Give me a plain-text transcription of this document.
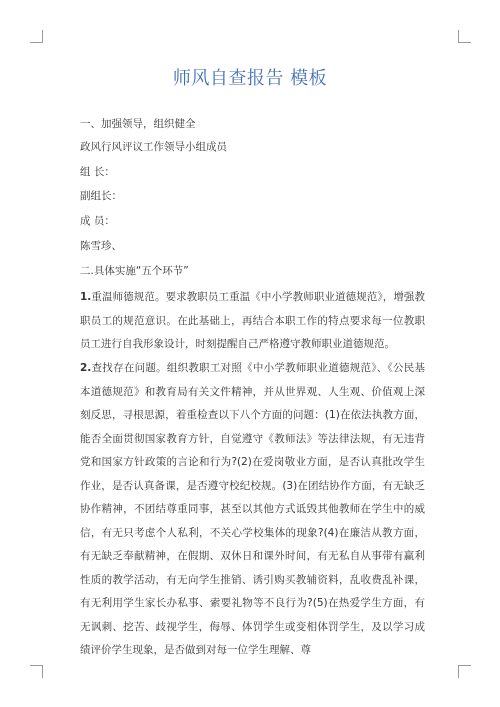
师风自查报告 模板
一、加强领导，组织健全
政风行风评议工作领导小组成员
组 长：
副组长：
成 员：
陈雪珍、
二.具体实施“五个环节”
1.重温师德规范。要求教职员工重温《中小学教师职业道德规范》，增强教职员工的规范意识。在此基础上，再结合本职工作的特点要求每一位教职员工进行自我形象设计，时刻提醒自己严格遵守教师职业道德规范。
2.查找存在问题。组织教职工对照《中小学教师职业道德规范》、《公民基本道德规范》和教育局有关文件精神，并从世界观、人生观、价值观上深刻反思，寻根思源，着重检查以下八个方面的问题：(1)在依法执教方面，能否全面贯彻国家教育方针，自觉遵守《教师法》等法律法规，有无违背党和国家方针政策的言论和行为?(2)在爱岗敬业方面，是否认真批改学生作业，是否认真备课，是否遵守校纪校规。(3)在团结协作方面，有无缺乏协作精神，不团结尊重同事，甚至以其他方式诋毁其他教师在学生中的威信，有无只考虑个人私利，不关心学校集体的现象?(4)在廉洁从教方面，有无缺乏奉献精神，在假期、双休日和课外时间，有无私自从事带有赢利性质的教学活动，有无向学生推销、诱引购买教辅资料，乱收费乱补课，有无利用学生家长办私事、索要礼物等不良行为?(5)在热爱学生方面，有无讽刺、挖苦、歧视学生，侮辱、体罚学生或变相体罚学生，及以学习成绩评价学生现象，是否做到对每一位学生理解、尊
